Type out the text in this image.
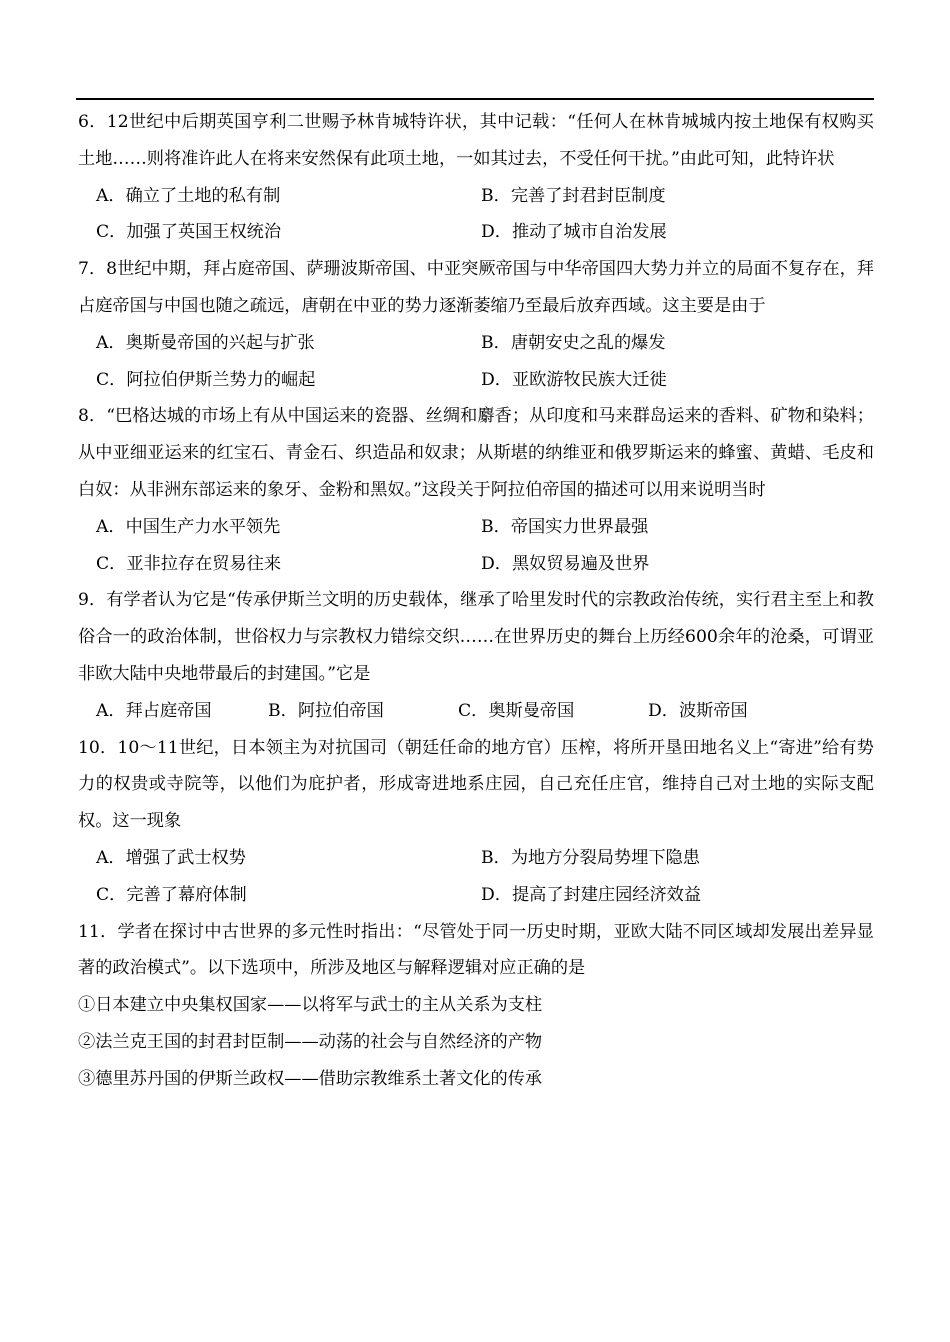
6．12世纪中后期英国亨利二世赐予林肯城特许状，其中记载：“任何人在林肯城城内按土地保有权购买土地……则将准许此人在将来安然保有此项土地，一如其过去，不受任何干扰。”由此可知，此特许状

A．确立了土地的私有制	B．完善了封君封臣制度
C．加强了英国王权统治	D．推动了城市自治发展

7．8世纪中期，拜占庭帝国、萨珊波斯帝国、中亚突厥帝国与中华帝国四大势力并立的局面不复存在，拜占庭帝国与中国也随之疏远，唐朝在中亚的势力逐渐萎缩乃至最后放弃西域。这主要是由于

A．奥斯曼帝国的兴起与扩张	B．唐朝安史之乱的爆发
C．阿拉伯伊斯兰势力的崛起	D．亚欧游牧民族大迁徙

8．“巴格达城的市场上有从中国运来的瓷器、丝绸和麝香；从印度和马来群岛运来的香料、矿物和染料；从中亚细亚运来的红宝石、青金石、织造品和奴隶；从斯堪的纳维亚和俄罗斯运来的蜂蜜、黄蜡、毛皮和白奴：从非洲东部运来的象牙、金粉和黑奴。”这段关于阿拉伯帝国的描述可以用来说明当时

A．中国生产力水平领先	B．帝国实力世界最强
C．亚非拉存在贸易往来	D．黑奴贸易遍及世界

9．有学者认为它是“传承伊斯兰文明的历史载体，继承了哈里发时代的宗教政治传统，实行君主至上和教俗合一的政治体制，世俗权力与宗教权力错综交织……在世界历史的舞台上历经600余年的沧桑，可谓亚非欧大陆中央地带最后的封建国。”它是

A．拜占庭帝国	B．阿拉伯帝国	C．奥斯曼帝国	D．波斯帝国

10．10～11世纪，日本领主为对抗国司（朝廷任命的地方官）压榨，将所开垦田地名义上“寄进”给有势力的权贵或寺院等，以他们为庇护者，形成寄进地系庄园，自己充任庄官，维持自己对土地的实际支配权。这一现象

A．增强了武士权势	B．为地方分裂局势埋下隐患
C．完善了幕府体制	D．提高了封建庄园经济效益

11．学者在探讨中古世界的多元性时指出：“尽管处于同一历史时期，亚欧大陆不同区域却发展出差异显著的政治模式”。以下选项中，所涉及地区与解释逻辑对应正确的是

①日本建立中央集权国家——以将军与武士的主从关系为支柱

②法兰克王国的封君封臣制——动荡的社会与自然经济的产物

③德里苏丹国的伊斯兰政权——借助宗教维系土著文化的传承
